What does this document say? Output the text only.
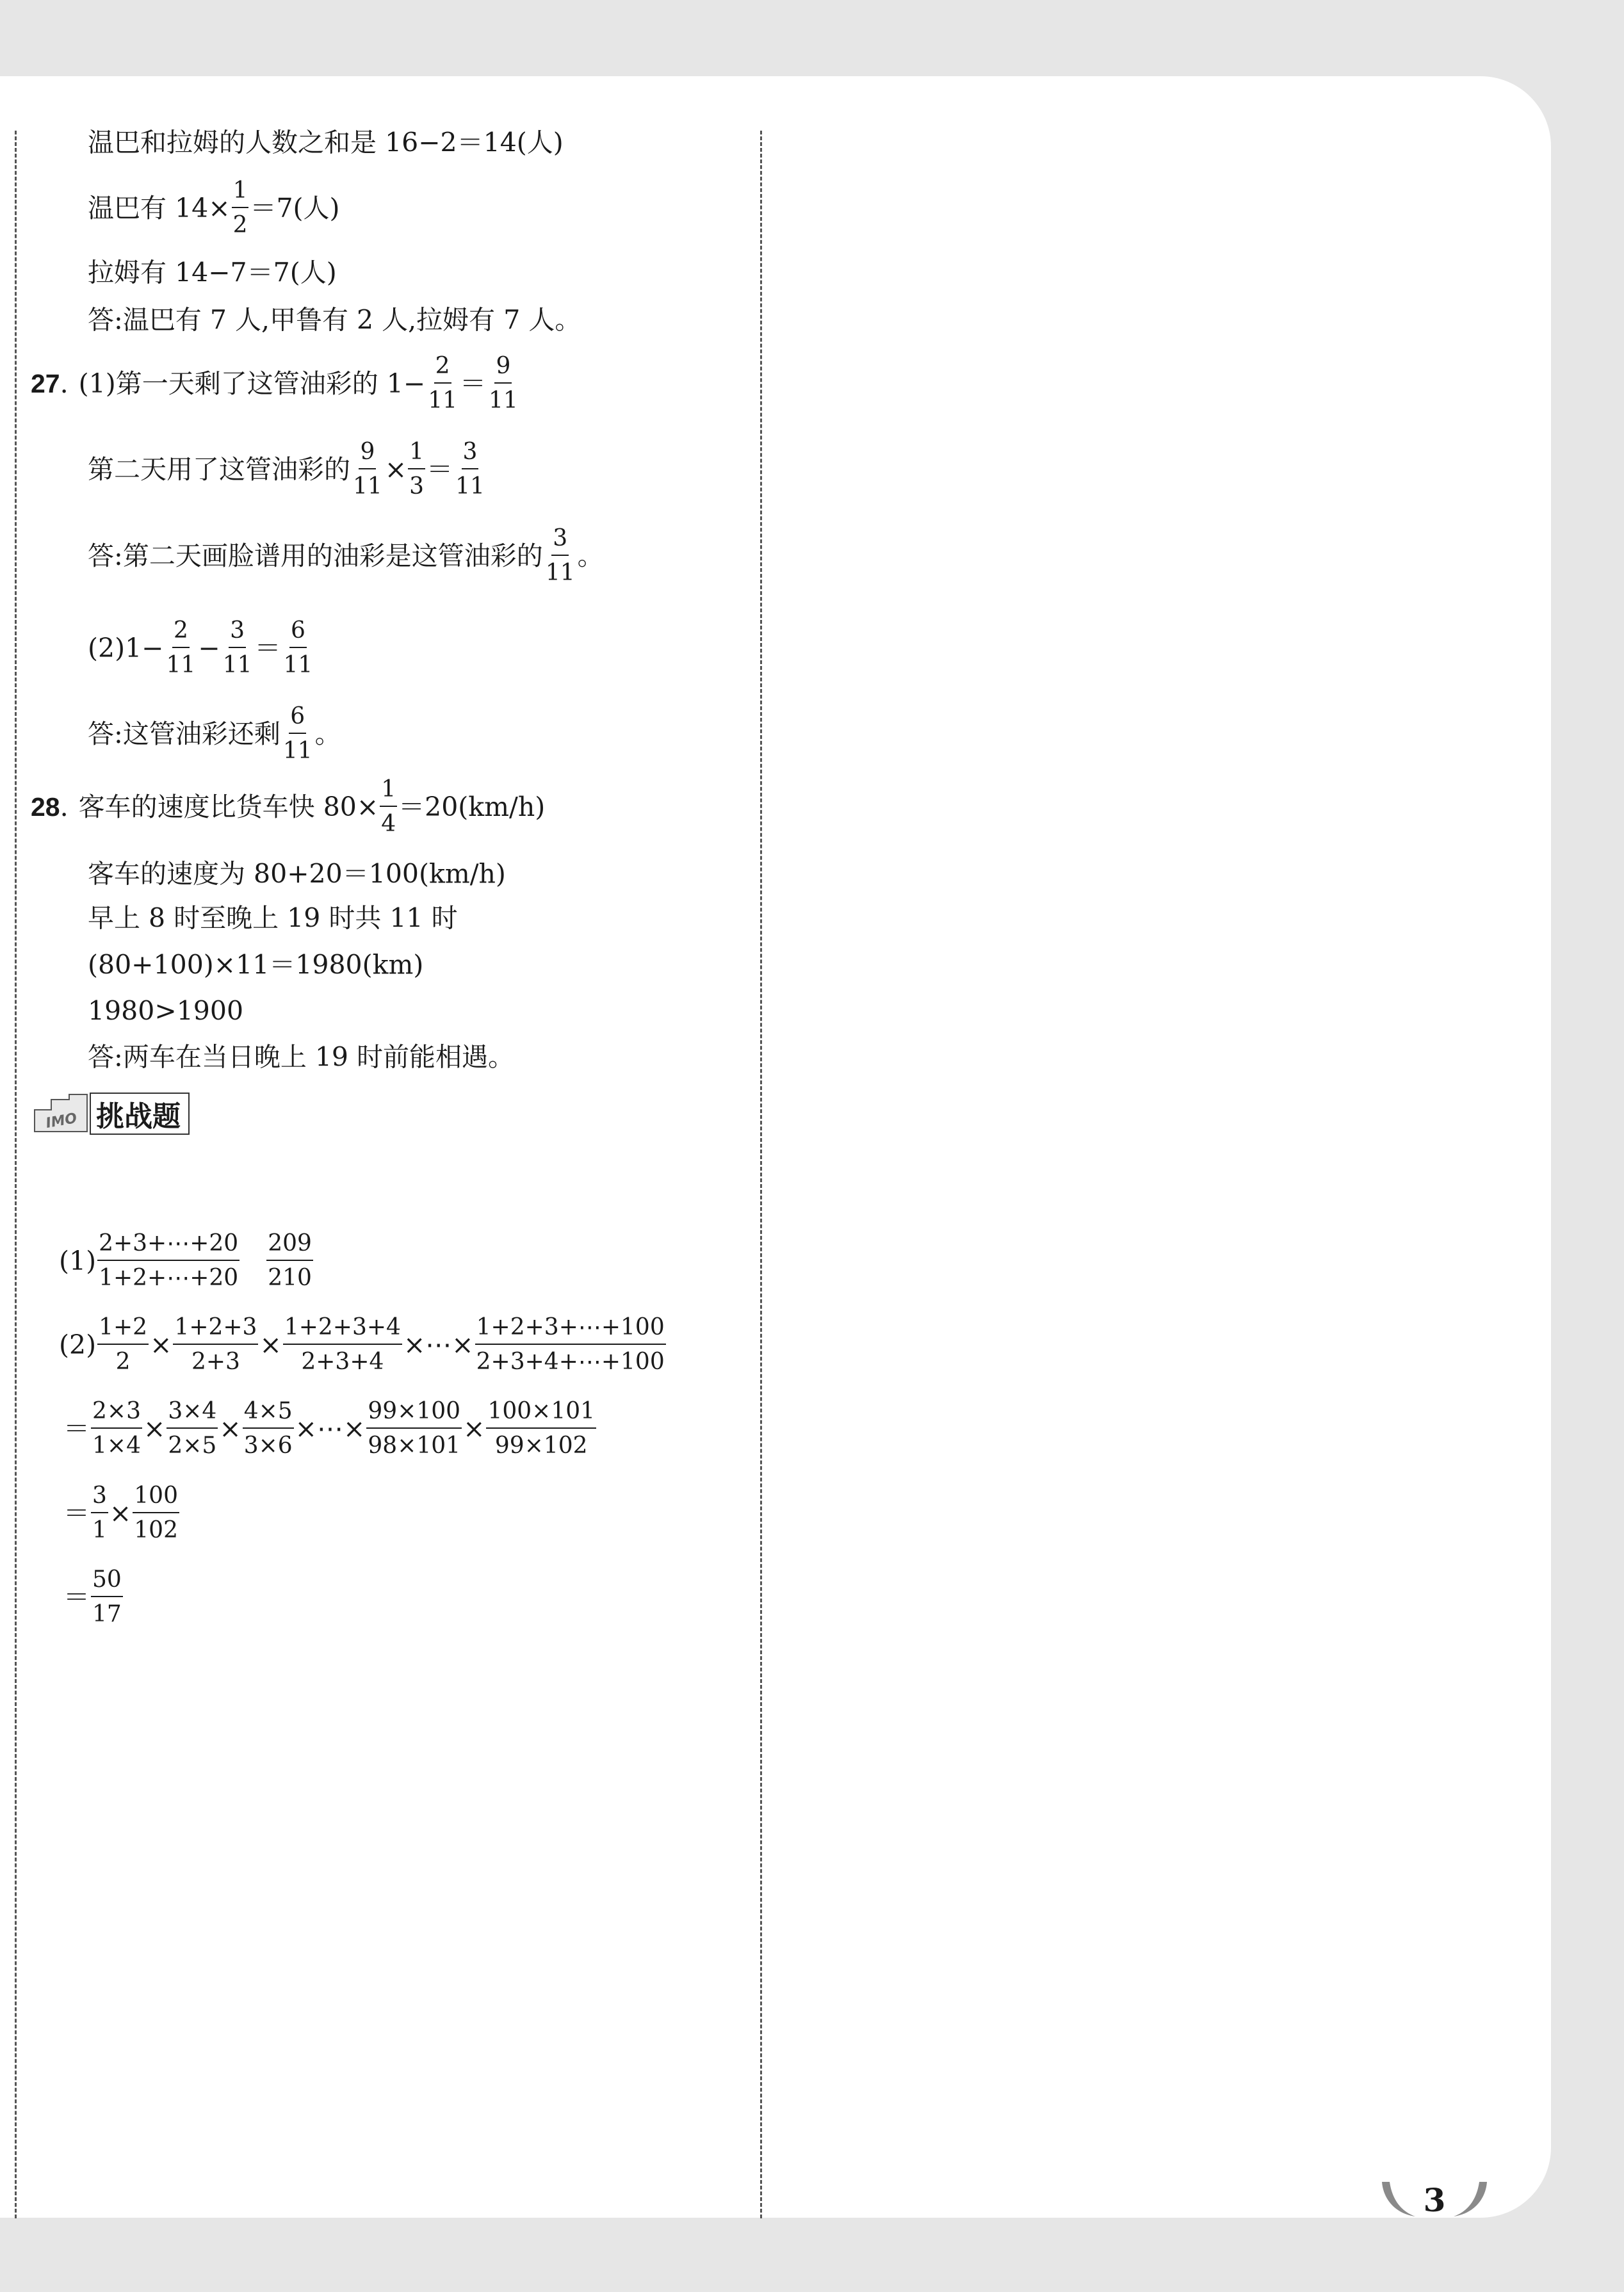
温巴和拉姆的人数之和是 16−2＝14(人)
温巴有 $14\times \frac{1}{2} =7$(人)
拉姆有 14−7＝7(人)
答:温巴有 7 人,甲鲁有 2 人,拉姆有 7 人。
27 . (1)第一天剩了这管油彩的 $1- \frac{2}{11} = \frac{9}{11}$
第二天用了这管油彩的 $\frac{9}{11} \times \frac{1}{3} = \frac{3}{11}$
答:第二天画脸谱用的油彩是这管油彩的 $\frac{3}{11}$ 。
$(2)1- \frac{2}{11} - \frac{3}{11} = \frac{6}{11}$
答:这管油彩还剩 $\frac{6}{11}$ 。
28 . 客车的速度比货车快 $80\times \frac{1}{4} =20(km/h)$
客车的速度为 80+20＝100(km/h)
早上 8 时至晚上 19 时共 11 时
(80+100)×11＝1980(km)
1980>1900
答:两车在当日晚上 19 时前能相遇。
IMO 挑战题
$(1) \frac{2+3+\cdots+20}{1+2+\cdots+20} \frac{209}{210}$
$(2) \frac{1+2}{2} \times \frac{1+2+3}{2+3} \times \frac{1+2+3+4}{2+3+4}$ ×⋯× $\frac{1+2+3+\cdots+100}{2+3+4+\cdots+100}$
＝ $\frac{2\times 3}{1\times 4} \times \frac{3\times 4}{2\times 5} \times \frac{4\times 5}{3\times 6}$ ×⋯× $\frac{99\times 100}{98\times 101} \times \frac{100\times 101}{99\times 102}$
＝ $\frac{3}{1} \times \frac{100}{102}$
＝ $\frac{50}{17}$
3
